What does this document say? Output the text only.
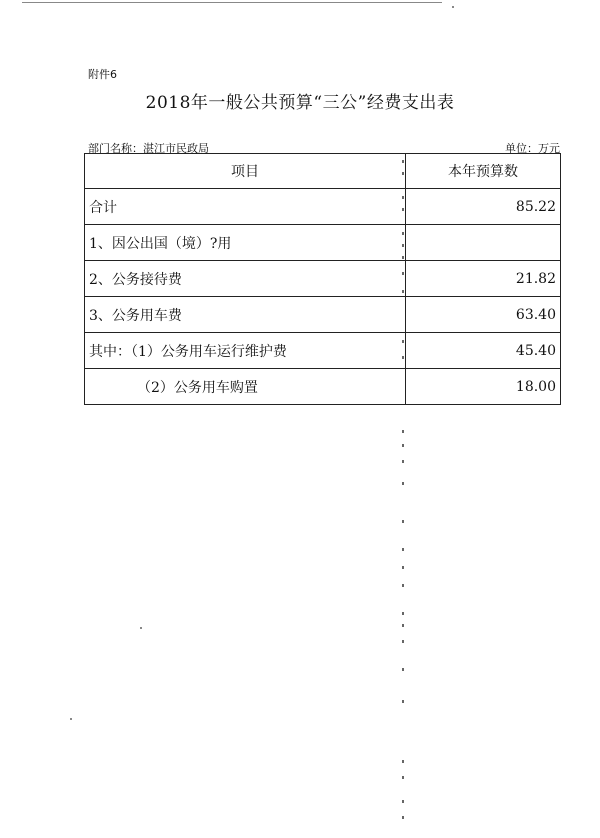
附件6
2018年一般公共预算“三公”经费支出表
部门名称：湛江市民政局	单位：万元
项目	本年预算数
合计	85.22
1、因公出国（境）?用	
2、公务接待费	21.82
3、公务用车费	63.40
其中：（1）公务用车运行维护费	45.40
（2）公务用车购置	18.00
